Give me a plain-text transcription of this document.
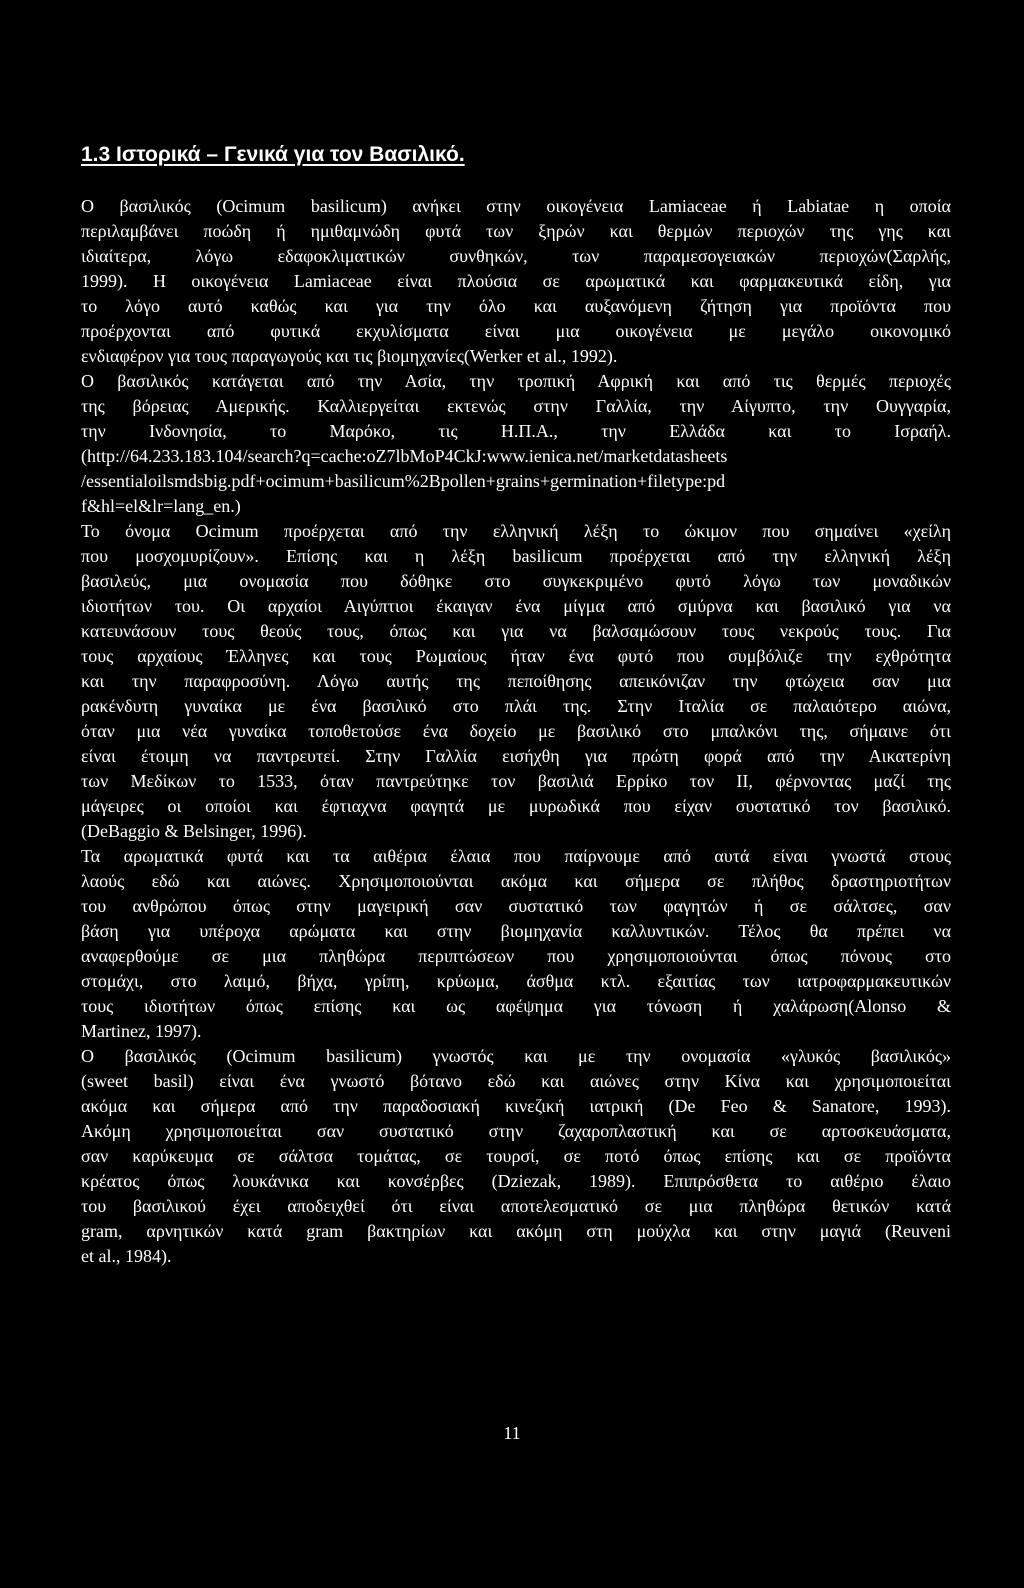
1.3 Ιστορικά – Γενικά για τον Βασιλικό.
Ο βασιλικός (Ocimum basilicum) ανήκει στην οικογένεια Lamiaceae ή Labiatae η οποία
περιλαμβάνει ποώδη ή ημιθαμνώδη φυτά των ξηρών και θερμών περιοχών της γης και
ιδιαίτερα, λόγω εδαφοκλιματικών συνθηκών, των παραμεσογειακών περιοχών(Σαρλής,
1999). Η οικογένεια Lamiaceae είναι πλούσια σε αρωματικά και φαρμακευτικά είδη, για
το λόγο αυτό καθώς και για την όλο και αυξανόμενη ζήτηση για προϊόντα που
προέρχονται από φυτικά εκχυλίσματα είναι μια οικογένεια με μεγάλο οικονομικό
ενδιαφέρον για τους παραγωγούς και τις βιομηχανίες(Werker et al., 1992).
Ο βασιλικός κατάγεται από την Ασία, την τροπική Αφρική και από τις θερμές περιοχές
της βόρειας Αμερικής. Καλλιεργείται εκτενώς στην Γαλλία, την Αίγυπτο, την Ουγγαρία,
την Ινδονησία, το Μαρόκο, τις Η.Π.Α., την Ελλάδα και το Ισραήλ.
(http://64.233.183.104/search?q=cache:oZ7lbMoP4CkJ:www.ienica.net/marketdatasheets
/essentialoilsmdsbig.pdf+ocimum+basilicum%2Bpollen+grains+germination+filetype:pd
f&hl=el&lr=lang_en.)
Το όνομα Ocimum προέρχεται από την ελληνική λέξη το ώκιμον που σημαίνει «χείλη
που μοσχομυρίζουν». Επίσης και η λέξη basilicum προέρχεται από την ελληνική λέξη
βασιλεύς, μια ονομασία που δόθηκε στο συγκεκριμένο φυτό λόγω των μοναδικών
ιδιοτήτων του. Οι αρχαίοι Αιγύπτιοι έκαιγαν ένα μίγμα από σμύρνα και βασιλικό για να
κατευνάσουν τους θεούς τους, όπως και για να βαλσαμώσουν τους νεκρούς τους. Για
τους αρχαίους Έλληνες και τους Ρωμαίους ήταν ένα φυτό που συμβόλιζε την εχθρότητα
και την παραφροσύνη. Λόγω αυτής της πεποίθησης απεικόνιζαν την φτώχεια σαν μια
ρακένδυτη γυναίκα με ένα βασιλικό στο πλάι της. Στην Ιταλία σε παλαιότερο αιώνα,
όταν μια νέα γυναίκα τοποθετούσε ένα δοχείο με βασιλικό στο μπαλκόνι της, σήμαινε ότι
είναι έτοιμη να παντρευτεί. Στην Γαλλία εισήχθη για πρώτη φορά από την Αικατερίνη
των Μεδίκων το 1533, όταν παντρεύτηκε τον βασιλιά Ερρίκο τον ΙΙ, φέρνοντας μαζί της
μάγειρες οι οποίοι και έφτιαχνα φαγητά με μυρωδικά που είχαν συστατικό τον βασιλικό.
(DeBaggio & Belsinger, 1996).
Τα αρωματικά φυτά και τα αιθέρια έλαια που παίρνουμε από αυτά είναι γνωστά στους
λαούς εδώ και αιώνες. Χρησιμοποιούνται ακόμα και σήμερα σε πλήθος δραστηριοτήτων
του ανθρώπου όπως στην μαγειρική σαν συστατικό των φαγητών ή σε σάλτσες, σαν
βάση για υπέροχα αρώματα και στην βιομηχανία καλλυντικών. Τέλος θα πρέπει να
αναφερθούμε σε μια πληθώρα περιπτώσεων που χρησιμοποιούνται όπως πόνους στο
στομάχι, στο λαιμό, βήχα, γρίπη, κρύωμα, άσθμα κτλ. εξαιτίας των ιατροφαρμακευτικών
τους ιδιοτήτων όπως επίσης και ως αφέψημα για τόνωση ή χαλάρωση(Alonso &
Martinez, 1997).
Ο βασιλικός (Ocimum basilicum) γνωστός και με την ονομασία «γλυκός βασιλικός»
(sweet basil) είναι ένα γνωστό βότανο εδώ και αιώνες στην Κίνα και χρησιμοποιείται
ακόμα και σήμερα από την παραδοσιακή κινεζική ιατρική (De Feo & Sanatore, 1993).
Ακόμη χρησιμοποιείται σαν συστατικό στην ζαχαροπλαστική και σε αρτοσκευάσματα,
σαν καρύκευμα σε σάλτσα τομάτας, σε τουρσί, σε ποτό όπως επίσης και σε προϊόντα
κρέατος όπως λουκάνικα και κονσέρβες (Dziezak, 1989). Επιπρόσθετα το αιθέριο έλαιο
του βασιλικού έχει αποδειχθεί ότι είναι αποτελεσματικό σε μια πληθώρα θετικών κατά
gram, αρνητικών κατά gram βακτηρίων και ακόμη στη μούχλα και στην μαγιά (Reuveni
et al., 1984).
11
